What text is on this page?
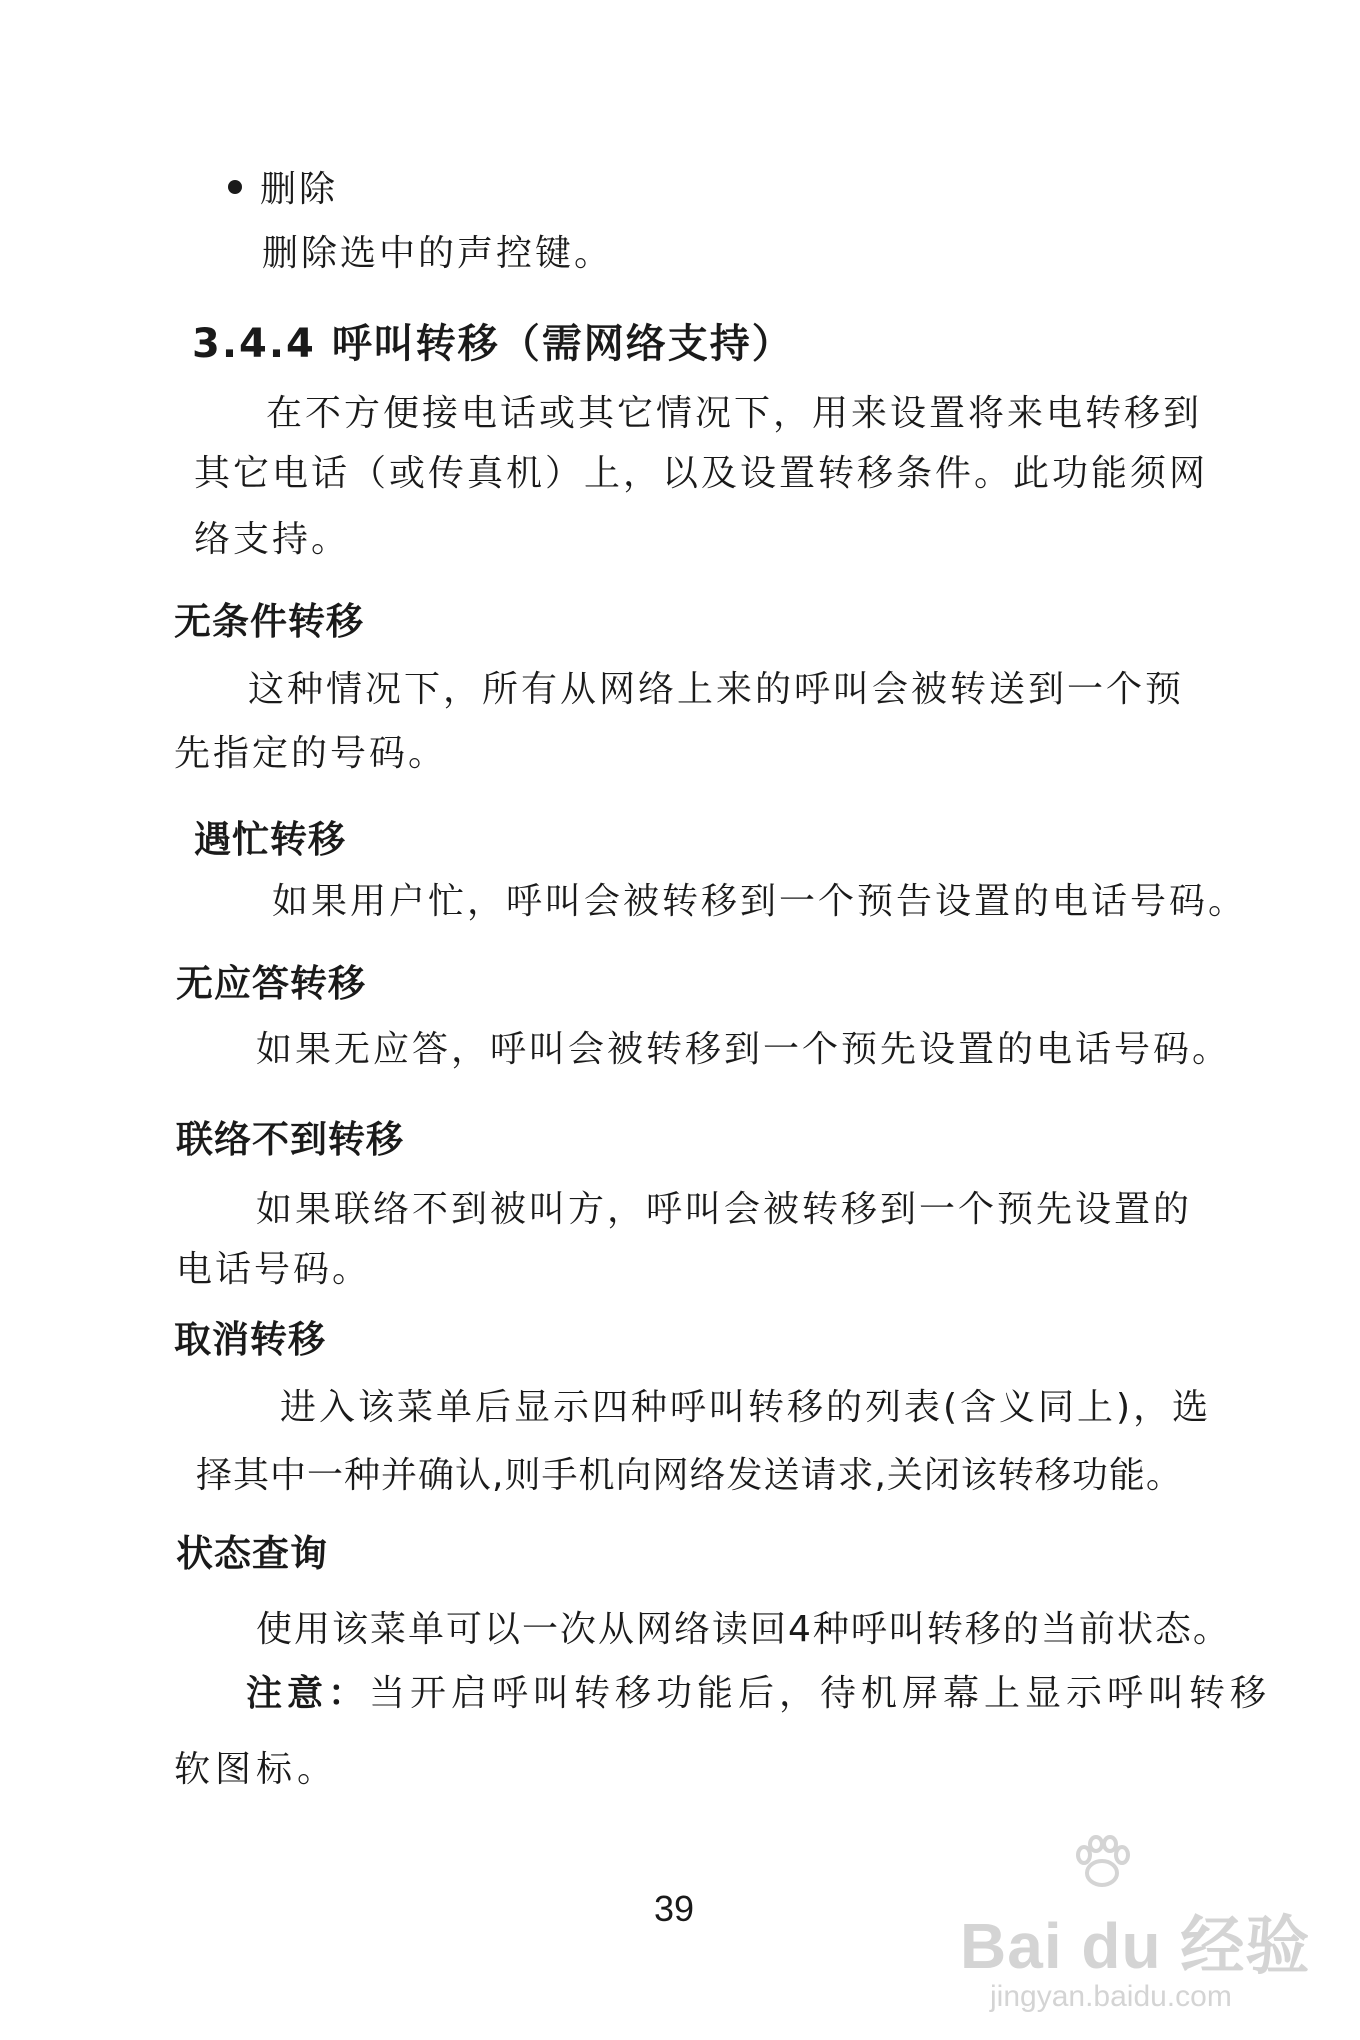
删除
删除选中的声控键。
3.4.4 呼叫转移（需网络支持）
在不方便接电话或其它情况下，用来设置将来电转移到
其它电话（或传真机）上，以及设置转移条件。此功能须网
络支持。
无条件转移
这种情况下，所有从网络上来的呼叫会被转送到一个预
先指定的号码。
遇忙转移
如果用户忙，呼叫会被转移到一个预告设置的电话号码。
无应答转移
如果无应答，呼叫会被转移到一个预先设置的电话号码。
联络不到转移
如果联络不到被叫方，呼叫会被转移到一个预先设置的
电话号码。
取消转移
进入该菜单后显示四种呼叫转移的列表(含义同上)，选
择其中一种并确认,则手机向网络发送请求,关闭该转移功能。
状态查询
使用该菜单可以一次从网络读回4种呼叫转移的当前状态。
注意：当开启呼叫转移功能后，待机屏幕上显示呼叫转移
软图标。
39
Bai du 经验
jingyan.baidu.com
